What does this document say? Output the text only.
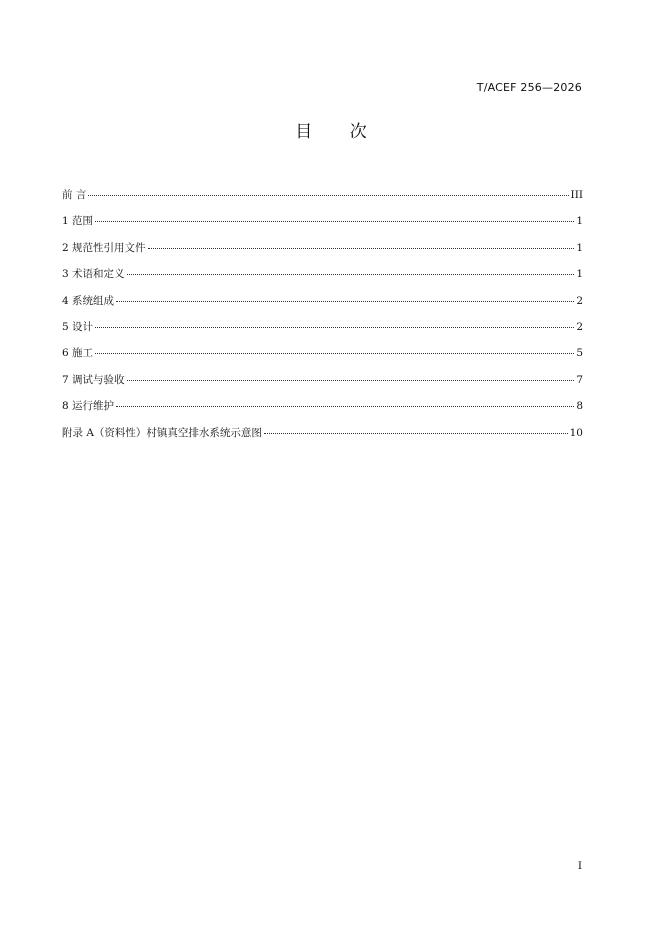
T/ACEF 256—2026
目 次
前 言	III
1 范围	1
2 规范性引用文件	1
3 术语和定义	1
4 系统组成	2
5 设计	2
6 施工	5
7 调试与验收	7
8 运行维护	8
附录 A（资料性）村镇真空排水系统示意图	10
I
